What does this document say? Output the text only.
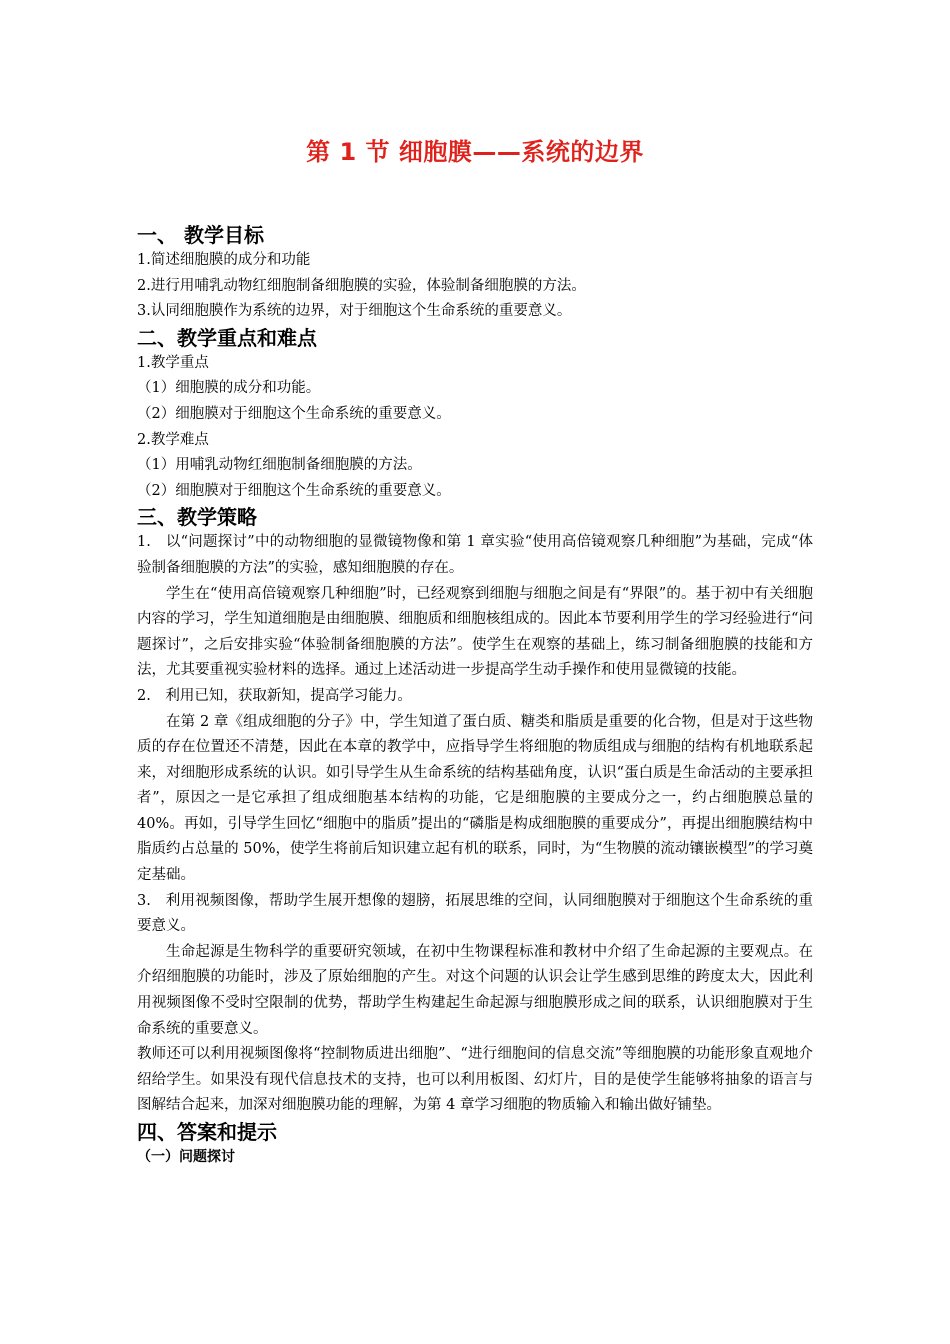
第 1 节 细胞膜——系统的边界
一、 教学目标

1.简述细胞膜的成分和功能

2.进行用哺乳动物红细胞制备细胞膜的实验，体验制备细胞膜的方法。

3.认同细胞膜作为系统的边界，对于细胞这个生命系统的重要意义。

二、教学重点和难点

1.教学重点

（1）细胞膜的成分和功能。

（2）细胞膜对于细胞这个生命系统的重要意义。

2.教学难点

（1）用哺乳动物红细胞制备细胞膜的方法。

（2）细胞膜对于细胞这个生命系统的重要意义。

三、教学策略

1.　以“问题探讨”中的动物细胞的显微镜物像和第 1 章实验“使用高倍镜观察几种细胞”为基础，完成“体验制备细胞膜的方法”的实验，感知细胞膜的存在。

学生在“使用高倍镜观察几种细胞”时，已经观察到细胞与细胞之间是有“界限”的。基于初中有关细胞内容的学习，学生知道细胞是由细胞膜、细胞质和细胞核组成的。因此本节要利用学生的学习经验进行“问题探讨”，之后安排实验“体验制备细胞膜的方法”。使学生在观察的基础上，练习制备细胞膜的技能和方法，尤其要重视实验材料的选择。通过上述活动进一步提高学生动手操作和使用显微镜的技能。

2.　利用已知，获取新知，提高学习能力。

在第 2 章《组成细胞的分子》中，学生知道了蛋白质、糖类和脂质是重要的化合物，但是对于这些物质的存在位置还不清楚，因此在本章的教学中，应指导学生将细胞的物质组成与细胞的结构有机地联系起来，对细胞形成系统的认识。如引导学生从生命系统的结构基础角度，认识“蛋白质是生命活动的主要承担者”，原因之一是它承担了组成细胞基本结构的功能，它是细胞膜的主要成分之一，约占细胞膜总量的 40%。再如，引导学生回忆“细胞中的脂质”提出的“磷脂是构成细胞膜的重要成分”，再提出细胞膜结构中脂质约占总量的 50%，使学生将前后知识建立起有机的联系，同时，为“生物膜的流动镶嵌模型”的学习奠定基础。

3.　利用视频图像，帮助学生展开想像的翅膀，拓展思维的空间，认同细胞膜对于细胞这个生命系统的重要意义。

生命起源是生物科学的重要研究领域，在初中生物课程标准和教材中介绍了生命起源的主要观点。在介绍细胞膜的功能时，涉及了原始细胞的产生。对这个问题的认识会让学生感到思维的跨度太大，因此利用视频图像不受时空限制的优势，帮助学生构建起生命起源与细胞膜形成之间的联系，认识细胞膜对于生命系统的重要意义。

教师还可以利用视频图像将“控制物质进出细胞”、“进行细胞间的信息交流”等细胞膜的功能形象直观地介绍给学生。如果没有现代信息技术的支持，也可以利用板图、幻灯片，目的是使学生能够将抽象的语言与图解结合起来，加深对细胞膜功能的理解，为第 4 章学习细胞的物质输入和输出做好铺垫。

四、答案和提示
（一）问题探讨
